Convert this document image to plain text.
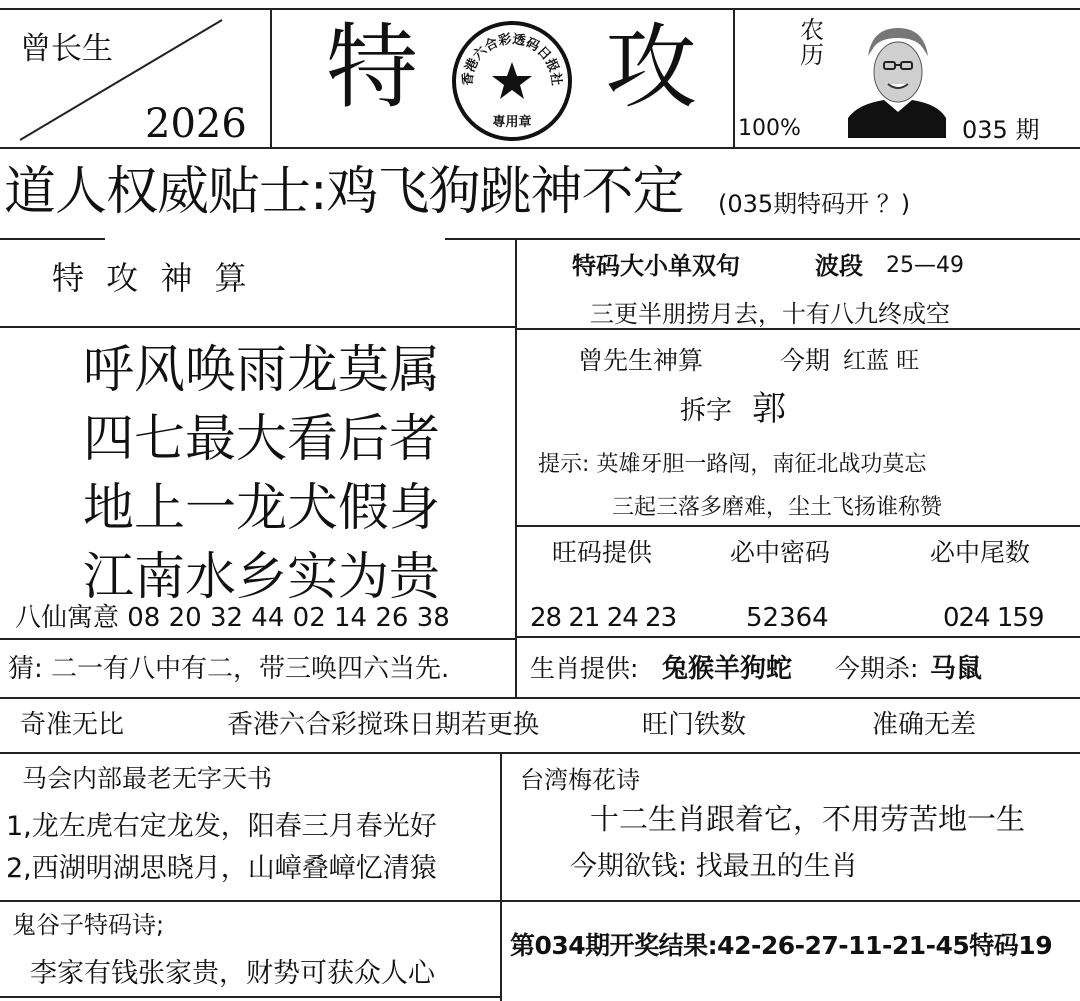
曾长生
2026
特 攻
香港六合彩透码日报社
專用章
农历
100%	035 期
道人权威贴士:鸡飞狗跳神不定 (035期特码开 ？)
特 攻 神 算
呼风唤雨龙莫属
四七最大看后者
地上一龙犬假身
江南水乡实为贵
八仙寓意 08 20 32 44 02 14 26 38
猜: 二一有八中有二，带三唤四六当先.
特码大小单双句	波段 25—49
三更半朋捞月去，十有八九终成空
曾先生神算	今期 红蓝 旺
拆字 郭
提示: 英雄牙胆一路闯，南征北战功莫忘
三起三落多磨难，尘土飞扬谁称赞
旺码提供	必中密码	必中尾数
28 21 24 23	52364	024 159
生肖提供: 兔猴羊狗蛇 今期杀: 马鼠
奇准无比	香港六合彩搅珠日期若更换	旺门铁数	准确无差
马会内部最老无字天书
1,龙左虎右定龙发，阳春三月春光好
2,西湖明湖思晓月，山嶂叠嶂忆清猿
台湾梅花诗
十二生肖跟着它，不用劳苦地一生
今期欲钱: 找最丑的生肖
鬼谷子特码诗;
李家有钱张家贵，财势可获众人心
第034期开奖结果:42-26-27-11-21-45特码19
